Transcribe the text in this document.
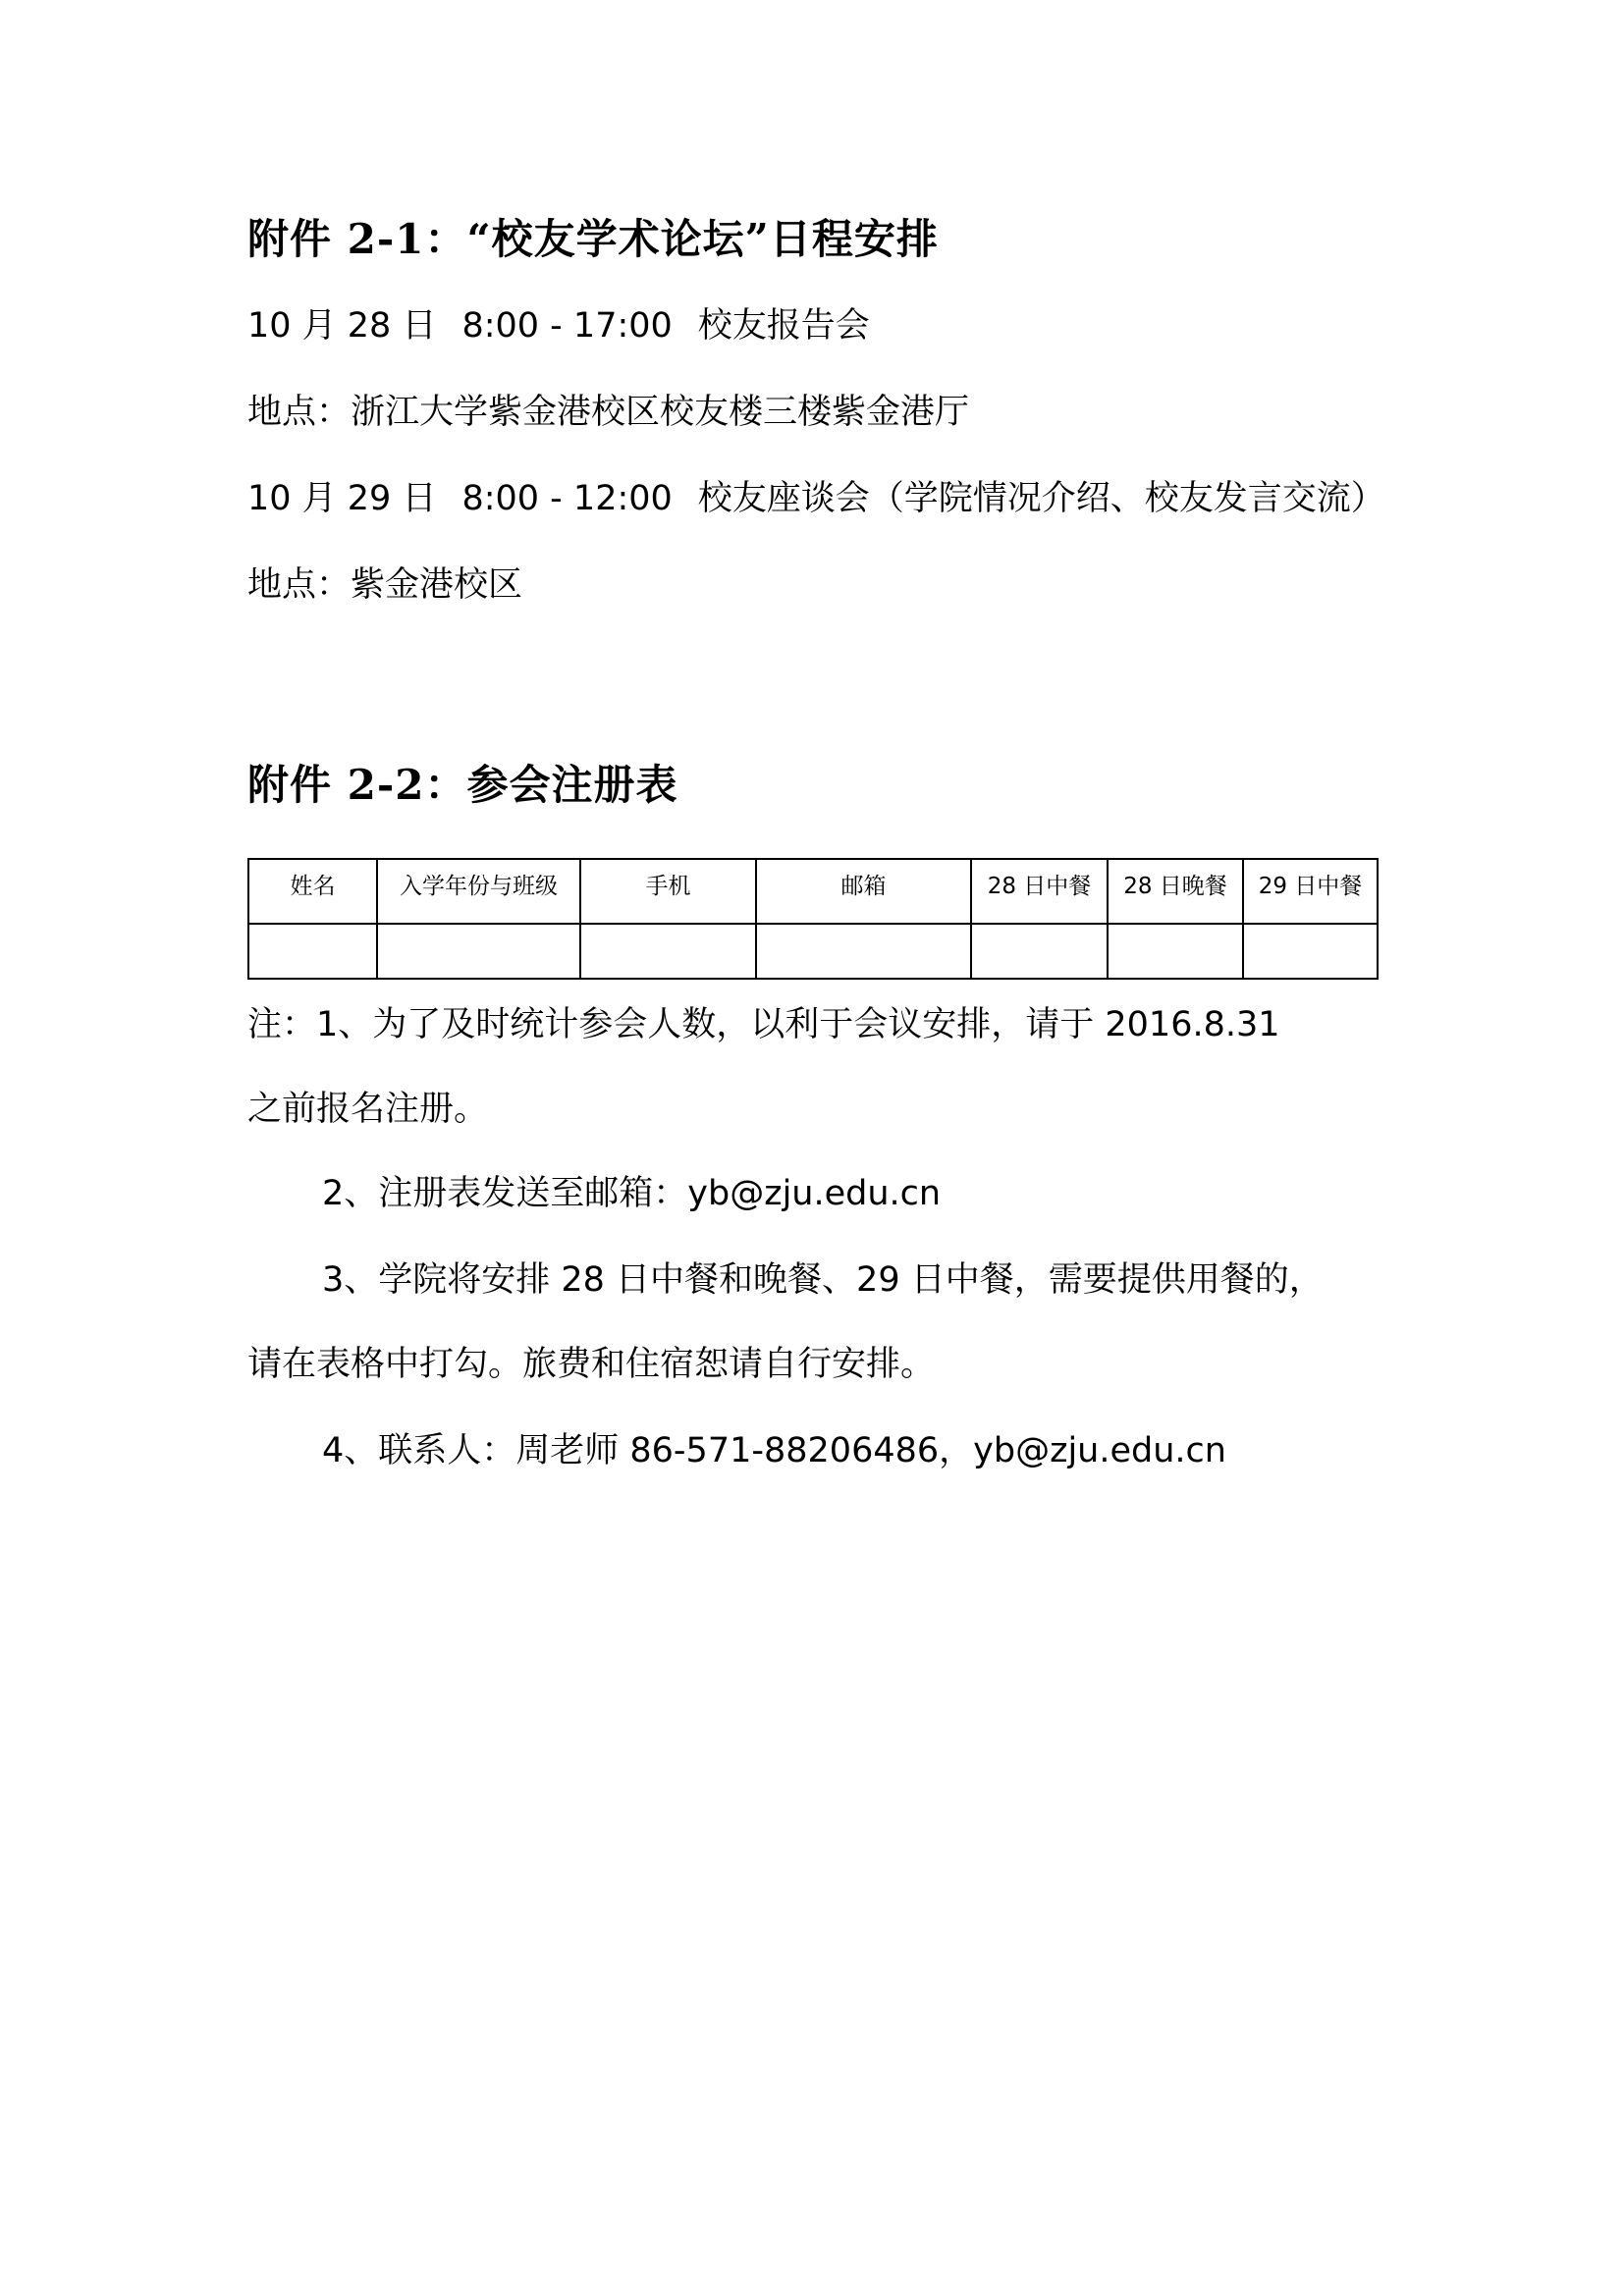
附件 2-1：“校友学术论坛”日程安排
10 月 28 日 8:00 - 17:00 校友报告会
地点：浙江大学紫金港校区校友楼三楼紫金港厅
10 月 29 日 8:00 - 12:00 校友座谈会（学院情况介绍、校友发言交流）
地点：紫金港校区
附件 2-2：参会注册表
姓名	入学年份与班级	手机	邮箱	28 日中餐	28 日晚餐	29 日中餐

注：1、为了及时统计参会人数，以利于会议安排，请于 2016.8.31
之前报名注册。
2、注册表发送至邮箱：yb@zju.edu.cn
3、学院将安排 28 日中餐和晚餐、29 日中餐，需要提供用餐的，
请在表格中打勾。旅费和住宿恕请自行安排。
4、联系人：周老师 86-571-88206486，yb@zju.edu.cn
